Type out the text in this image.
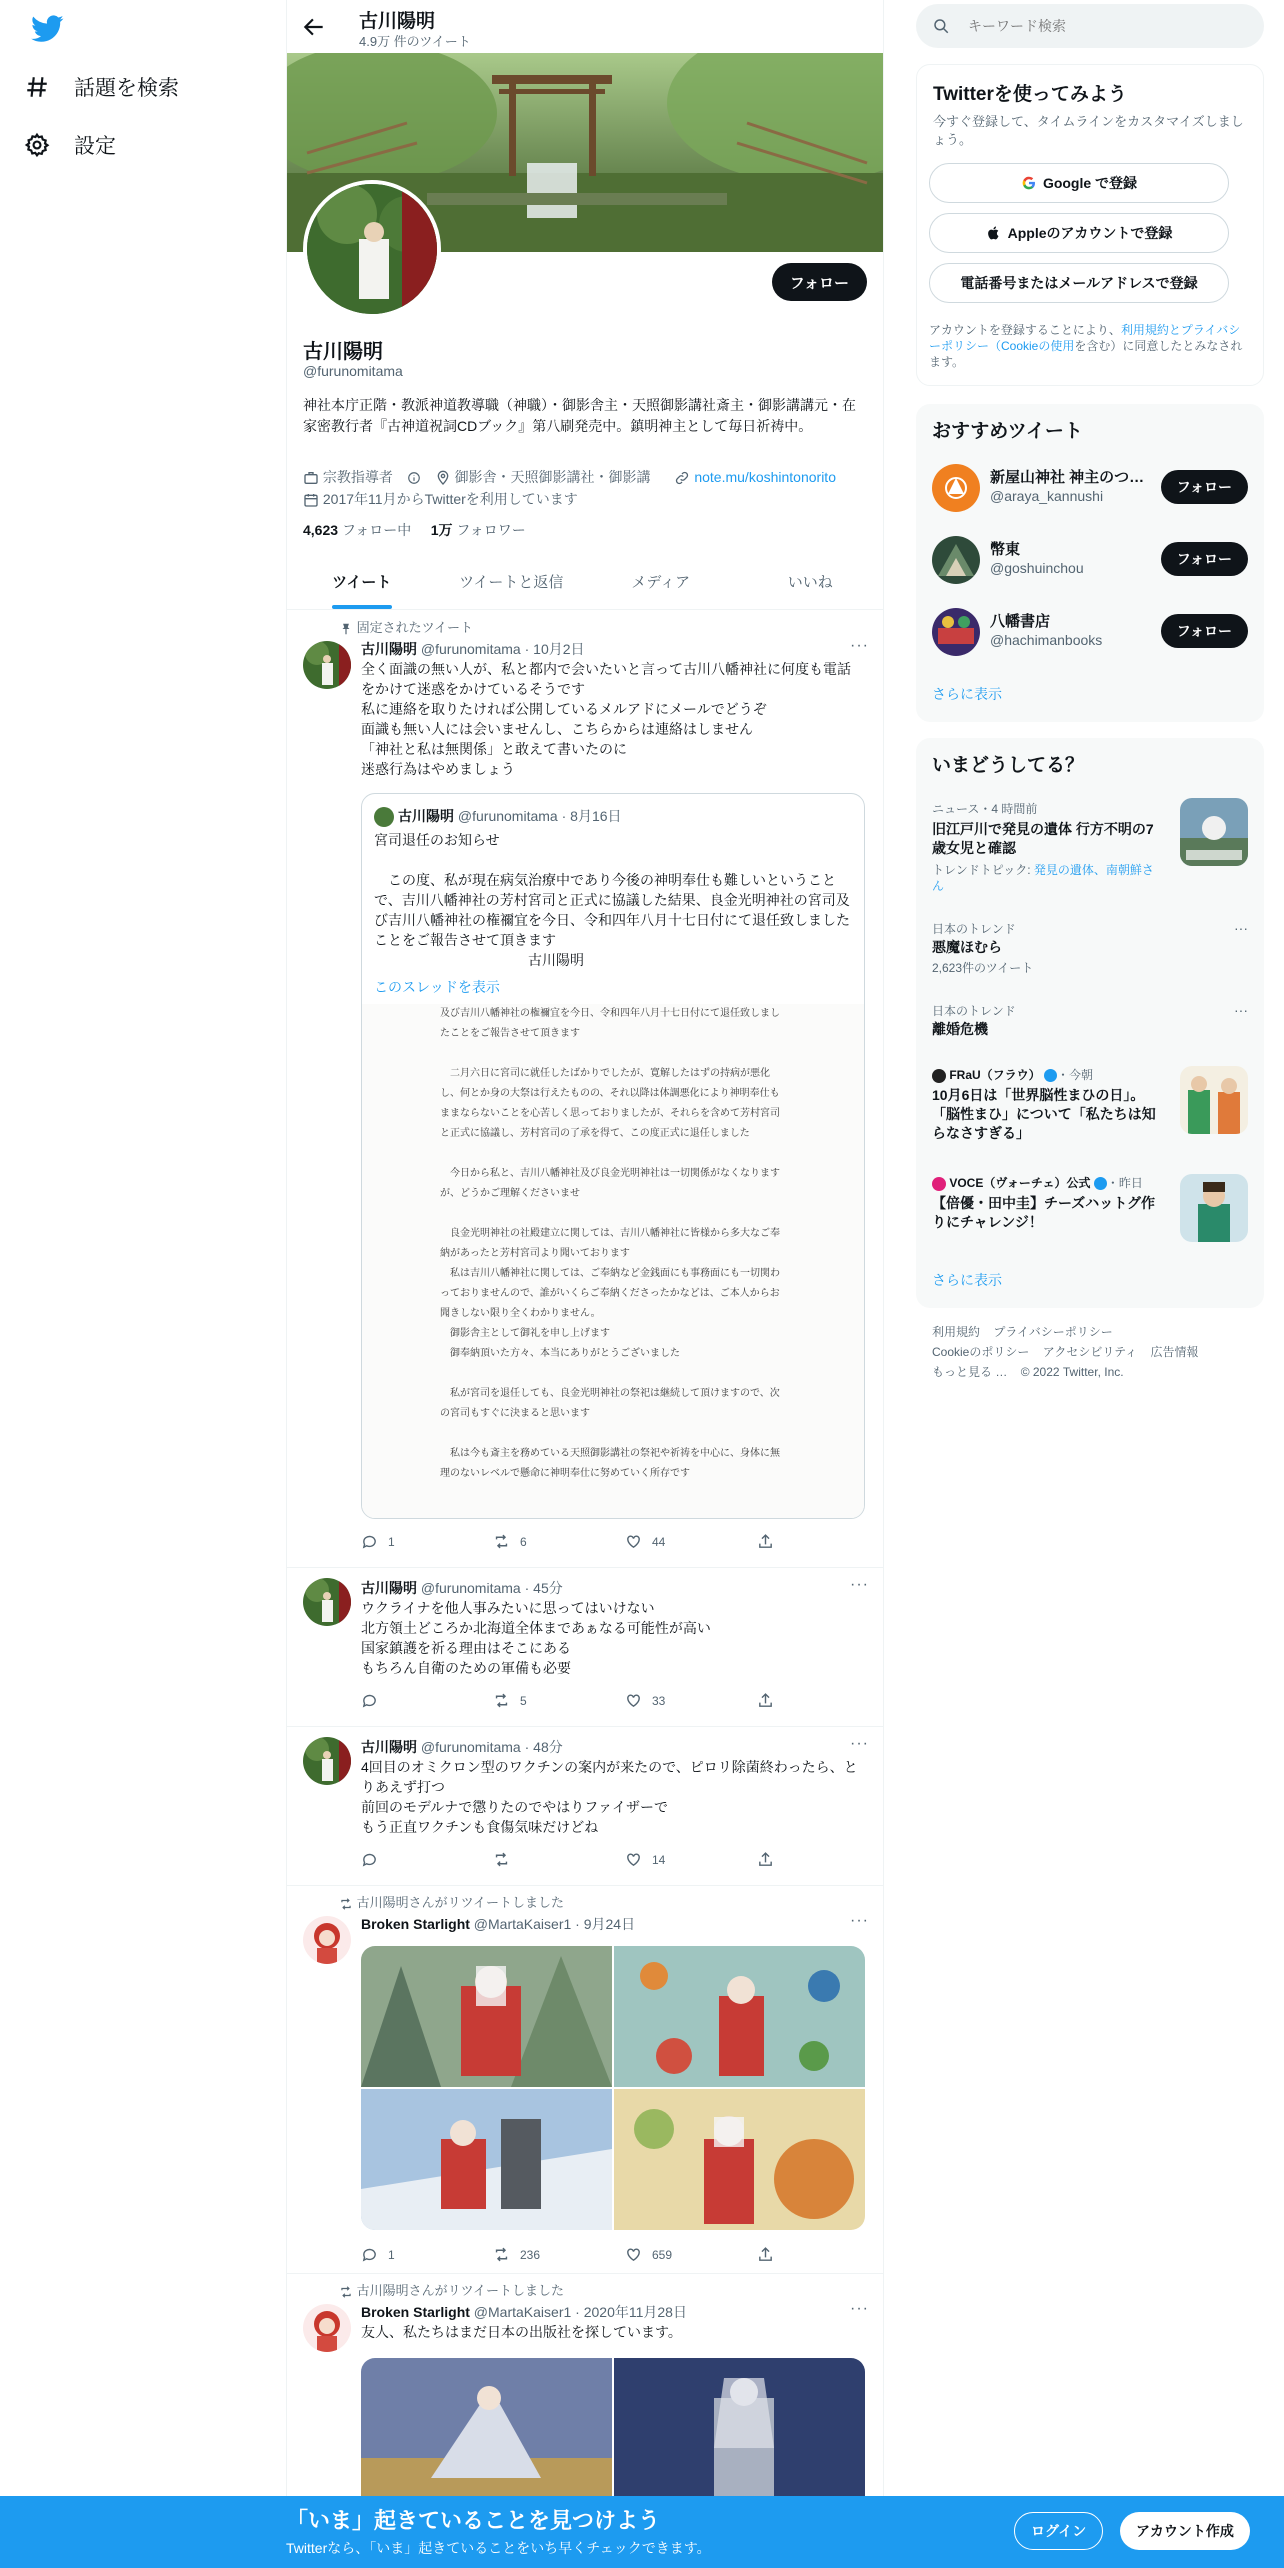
話題を検索
設定
古川陽明
4.9万 件のツイート
フォロー
古川陽明
@furunomitama
神社本庁正階・教派神道教導職（神職）・御影舎主・天照御影講社斎主・御影講講元・在家密教行者『古神道祝詞CDブック』第八刷発売中。鎮明神主として毎日祈祷中。
宗教指導者	御影舎・天照御影講社・御影講	note.mu/koshintonorito
2017年11月からTwitterを利用しています
4,623 フォロー中 1万 フォロワー
ツイート	ツイートと返信	メディア	いいね
固定されたツイート
···
古川陽明 @furunomitama · 10月2日
全く面識の無い人が、私と都内で会いたいと言って古川八幡神社に何度も電話をかけて迷惑をかけているそうです
私に連絡を取りたければ公開しているメルアドにメールでどうぞ
面識も無い人には会いませんし、こちらからは連絡はしません
「神社と私は無関係」と敢えて書いたのに
迷惑行為はやめましょう
古川陽明 @furunomitama · 8月16日
宮司退任のお知らせ

　この度、私が現在病気治療中であり今後の神明奉仕も難しいということで、吉川八幡神社の芳村宮司と正式に協議した結果、良金光明神社の宮司及び吉川八幡神社の権禰宜を今日、令和四年八月十七日付にて退任致しましたことをご報告させて頂きます
　　　　　　　　　　　古川陽明
このスレッドを表示
及び吉川八幡神社の権禰宜を今日、令和四年八月十七日付にて退任致しましたことをご報告させて頂きます

　二月六日に宮司に就任したばかりでしたが、寛解したはずの持病が悪化し、何とか身の大祭は行えたものの、それ以降は体調悪化により神明奉仕もままならないことを心苦しく思っておりましたが、それらを含めて芳村宮司と正式に協議し、芳村宮司の了承を得て、この度正式に退任しました

　今日から私と、吉川八幡神社及び良金光明神社は一切関係がなくなりますが、どうかご理解くださいませ

　良金光明神社の社殿建立に関しては、吉川八幡神社に皆様から多大なご奉納があったと芳村宮司より聞いております
　私は吉川八幡神社に関しては、ご奉納など金銭面にも事務面にも一切関わっておりませんので、誰がいくらご奉納くださったかなどは、ご本人からお聞きしない限り全くわかりません。
　御影舎主として御礼を申し上げます
　御奉納頂いた方々、本当にありがとうございました

　私が宮司を退任しても、良金光明神社の祭祀は継続して頂けますので、次の宮司もすぐに決まると思います

　私は今も斎主を務めている天照御影講社の祭祀や祈祷を中心に、身体に無理のないレベルで懸命に神明奉仕に努めていく所存です
1	6	44
···
古川陽明 @furunomitama · 45分
ウクライナを他人事みたいに思ってはいけない
北方領土どころか北海道全体まであぁなる可能性が高い
国家鎮護を祈る理由はそこにある
もちろん自衛のための軍備も必要
5	33
···
古川陽明 @furunomitama · 48分
4回目のオミクロン型のワクチンの案内が来たので、ピロリ除菌終わったら、とりあえず打つ
前回のモデルナで懲りたのでやはりファイザーで
もう正直ワクチンも食傷気味だけどね
14
古川陽明さんがリツイートしました
···
Broken Starlight @MartaKaiser1 · 9月24日
1	236	659
古川陽明さんがリツイートしました
···
Broken Starlight @MartaKaiser1 · 2020年11月28日
友人、私たちはまだ日本の出版社を探しています。
キーワード検索
Twitterを使ってみよう
今すぐ登録して、タイムラインをカスタマイズしましょう。
Google で登録
Appleのアカウントで登録
電話番号またはメールアドレスで登録
アカウントを登録することにより、利用規約とプライバシーポリシー（Cookieの使用を含む）に同意したとみなされます。
おすすめツイート
新屋山神社 神主のつ…
@araya_kannushi
フォロー
幣東
@goshuinchou
フォロー
八幡書店
@hachimanbooks
フォロー
さらに表示
いまどうしてる？
ニュース・4 時間前
旧江戸川で発見の遺体 行方不明の7歳女児と確認
トレンドトピック: 発見の遺体、南朝鮮さん
日本のトレンド
悪魔ほむら
2,623件のツイート
···
日本のトレンド
離婚危機
···
FRaU（フラウ） ・今朝
10月6日は「世界脳性まひの日」。「脳性まひ」について「私たちは知らなさすぎる」
VOCE（ヴォーチェ）公式 ・昨日
【倍優・田中圭】チーズハットグ作りにチャレンジ！
さらに表示
利用規約 プライバシーポリシー
Cookieのポリシー アクセシビリティ 広告情報
もっと見る … © 2022 Twitter, Inc.
「いま」起きていることを見つけよう
Twitterなら、「いま」起きていることをいち早くチェックできます。
ログイン	アカウント作成
